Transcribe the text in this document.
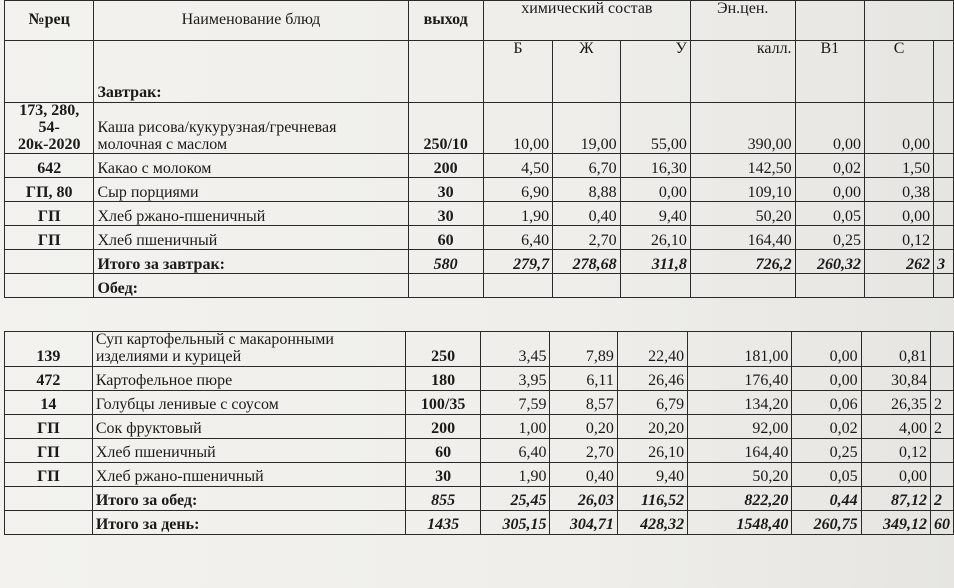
№рец	Наименование блюд	выход	химический состав			Эн.цен.			
	Завтрак:		Б	Ж	У	калл.	В1	С	
173, 280, 54-20к-2020	Каша рисова/кукурузная/гречневая молочная с маслом	250/10	10,00	19,00	55,00	390,00	0,00	0,00	
642	Какао с молоком	200	4,50	6,70	16,30	142,50	0,02	1,50	
ГП, 80	Сыр порциями	30	6,90	8,88	0,00	109,10	0,00	0,38	
ГП	Хлеб ржано-пшеничный	30	1,90	0,40	9,40	50,20	0,05	0,00	
ГП	Хлеб пшеничный	60	6,40	2,70	26,10	164,40	0,25	0,12	
	Итого за завтрак:	580	279,7	278,68	311,8	726,2	260,32	262	3
	Обед:								
139	Суп картофельный с макаронными изделиями и курицей	250	3,45	7,89	22,40	181,00	0,00	0,81	
472	Картофельное пюре	180	3,95	6,11	26,46	176,40	0,00	30,84	
14	Голубцы ленивые с соусом	100/35	7,59	8,57	6,79	134,20	0,06	26,35	2
ГП	Сок фруктовый	200	1,00	0,20	20,20	92,00	0,02	4,00	2
ГП	Хлеб пшеничный	60	6,40	2,70	26,10	164,40	0,25	0,12	
ГП	Хлеб ржано-пшеничный	30	1,90	0,40	9,40	50,20	0,05	0,00	
	Итого за обед:	855	25,45	26,03	116,52	822,20	0,44	87,12	2
	Итого за день:	1435	305,15	304,71	428,32	1548,40	260,75	349,12	60
